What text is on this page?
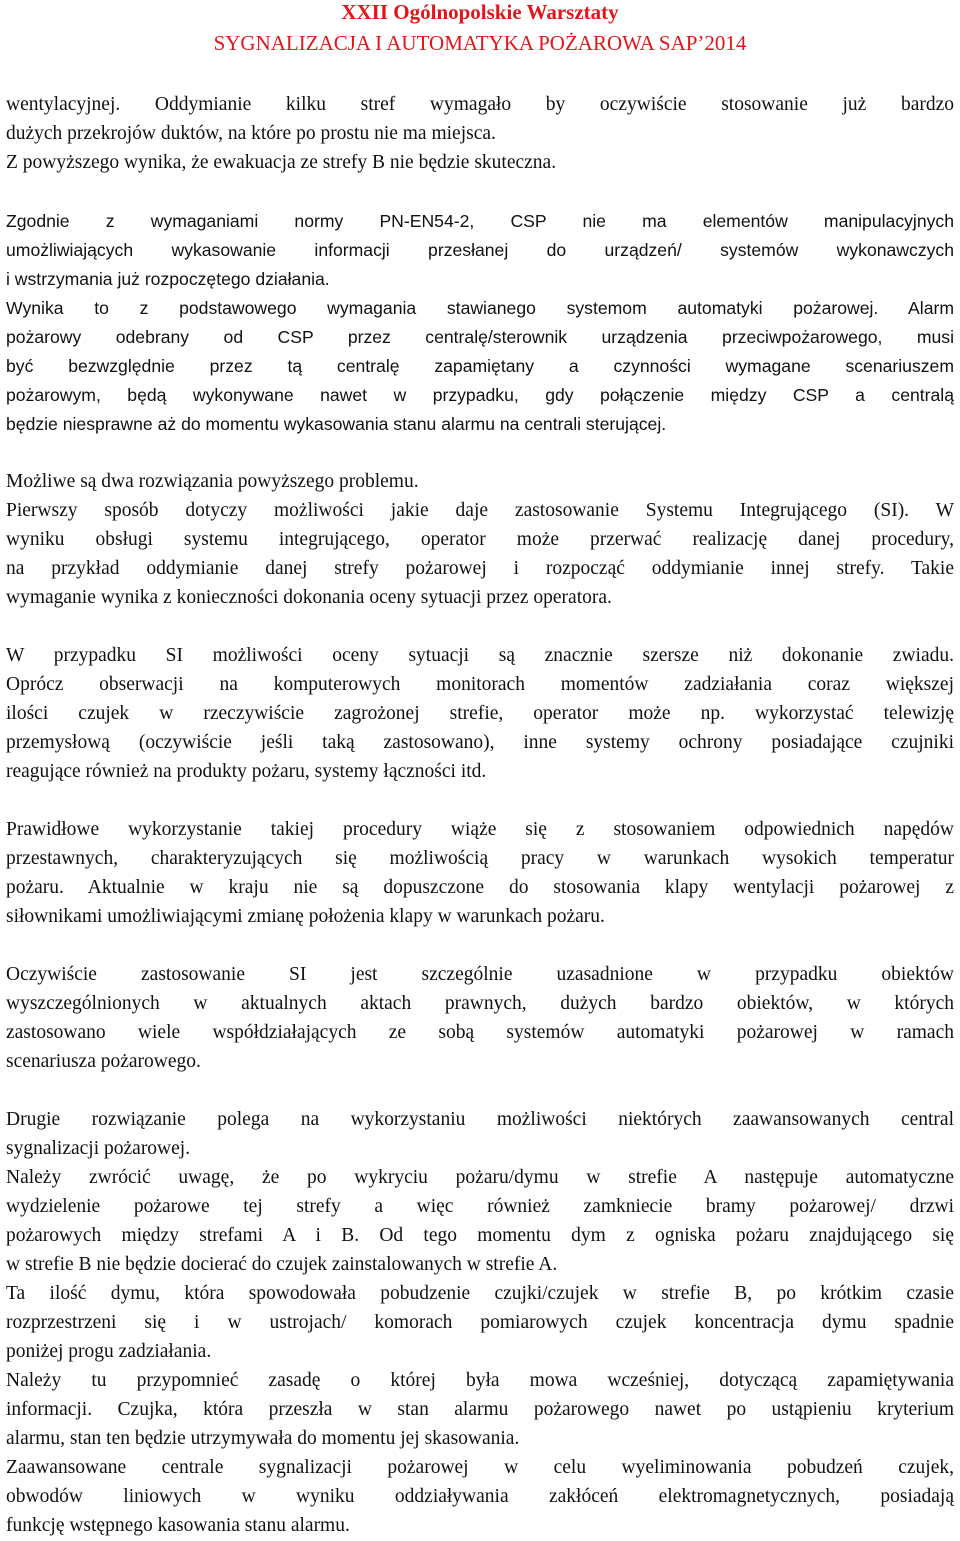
XXII Ogólnopolskie Warsztaty
SYGNALIZACJA I AUTOMATYKA POŻAROWA SAP’2014
wentylacyjnej. Oddymianie kilku stref wymagało by oczywiście stosowanie już bardzo
dużych przekrojów duktów, na które po prostu nie ma miejsca.
Z powyższego wynika, że ewakuacja ze strefy B nie będzie skuteczna.
Zgodnie z wymaganiami normy PN-EN54-2, CSP nie ma elementów manipulacyjnych
umożliwiających wykasowanie informacji przesłanej do urządzeń/ systemów wykonawczych
i wstrzymania już rozpoczętego działania.
Wynika to z podstawowego wymagania stawianego systemom automatyki pożarowej. Alarm
pożarowy odebrany od CSP przez centralę/sterownik urządzenia przeciwpożarowego, musi
być bezwzględnie przez tą centralę zapamiętany a czynności wymagane scenariuszem
pożarowym, będą wykonywane nawet w przypadku, gdy połączenie między CSP a centralą
będzie niesprawne aż do momentu wykasowania stanu alarmu na centrali sterującej.
Możliwe są dwa rozwiązania powyższego problemu.
Pierwszy sposób dotyczy możliwości jakie daje zastosowanie Systemu Integrującego (SI). W
wyniku obsługi systemu integrującego, operator może przerwać realizację danej procedury,
na przykład oddymianie danej strefy pożarowej i rozpocząć oddymianie innej strefy. Takie
wymaganie wynika z konieczności dokonania oceny sytuacji przez operatora.
W przypadku SI możliwości oceny sytuacji są znacznie szersze niż dokonanie zwiadu.
Oprócz obserwacji na komputerowych monitorach momentów zadziałania coraz większej
ilości czujek w rzeczywiście zagrożonej strefie, operator może np. wykorzystać telewizję
przemysłową (oczywiście jeśli taką zastosowano), inne systemy ochrony posiadające czujniki
reagujące również na produkty pożaru, systemy łączności itd.
Prawidłowe wykorzystanie takiej procedury wiąże się z stosowaniem odpowiednich napędów
przestawnych, charakteryzujących się możliwością pracy w warunkach wysokich temperatur
pożaru. Aktualnie w kraju nie są dopuszczone do stosowania klapy wentylacji pożarowej z
siłownikami umożliwiającymi zmianę położenia klapy w warunkach pożaru.
Oczywiście zastosowanie SI jest szczególnie uzasadnione w przypadku obiektów
wyszczególnionych w aktualnych aktach prawnych, dużych bardzo obiektów, w których
zastosowano wiele współdziałających ze sobą systemów automatyki pożarowej w ramach
scenariusza pożarowego.
Drugie rozwiązanie polega na wykorzystaniu możliwości niektórych zaawansowanych central
sygnalizacji pożarowej.
Należy zwrócić uwagę, że po wykryciu pożaru/dymu w strefie A następuje automatyczne
wydzielenie pożarowe tej strefy a więc również zamkniecie bramy pożarowej/ drzwi
pożarowych między strefami A i B. Od tego momentu dym z ogniska pożaru znajdującego się
w strefie B nie będzie docierać do czujek zainstalowanych w strefie A.
Ta ilość dymu, która spowodowała pobudzenie czujki/czujek w strefie B, po krótkim czasie
rozprzestrzeni się i w ustrojach/ komorach pomiarowych czujek koncentracja dymu spadnie
poniżej progu zadziałania.
Należy tu przypomnieć zasadę o której była mowa wcześniej, dotyczącą zapamiętywania
informacji. Czujka, która przeszła w stan alarmu pożarowego nawet po ustąpieniu kryterium
alarmu, stan ten będzie utrzymywała do momentu jej skasowania.
Zaawansowane centrale sygnalizacji pożarowej w celu wyeliminowania pobudzeń czujek,
obwodów liniowych w wyniku oddziaływania zakłóceń elektromagnetycznych, posiadają
funkcję wstępnego kasowania stanu alarmu.
